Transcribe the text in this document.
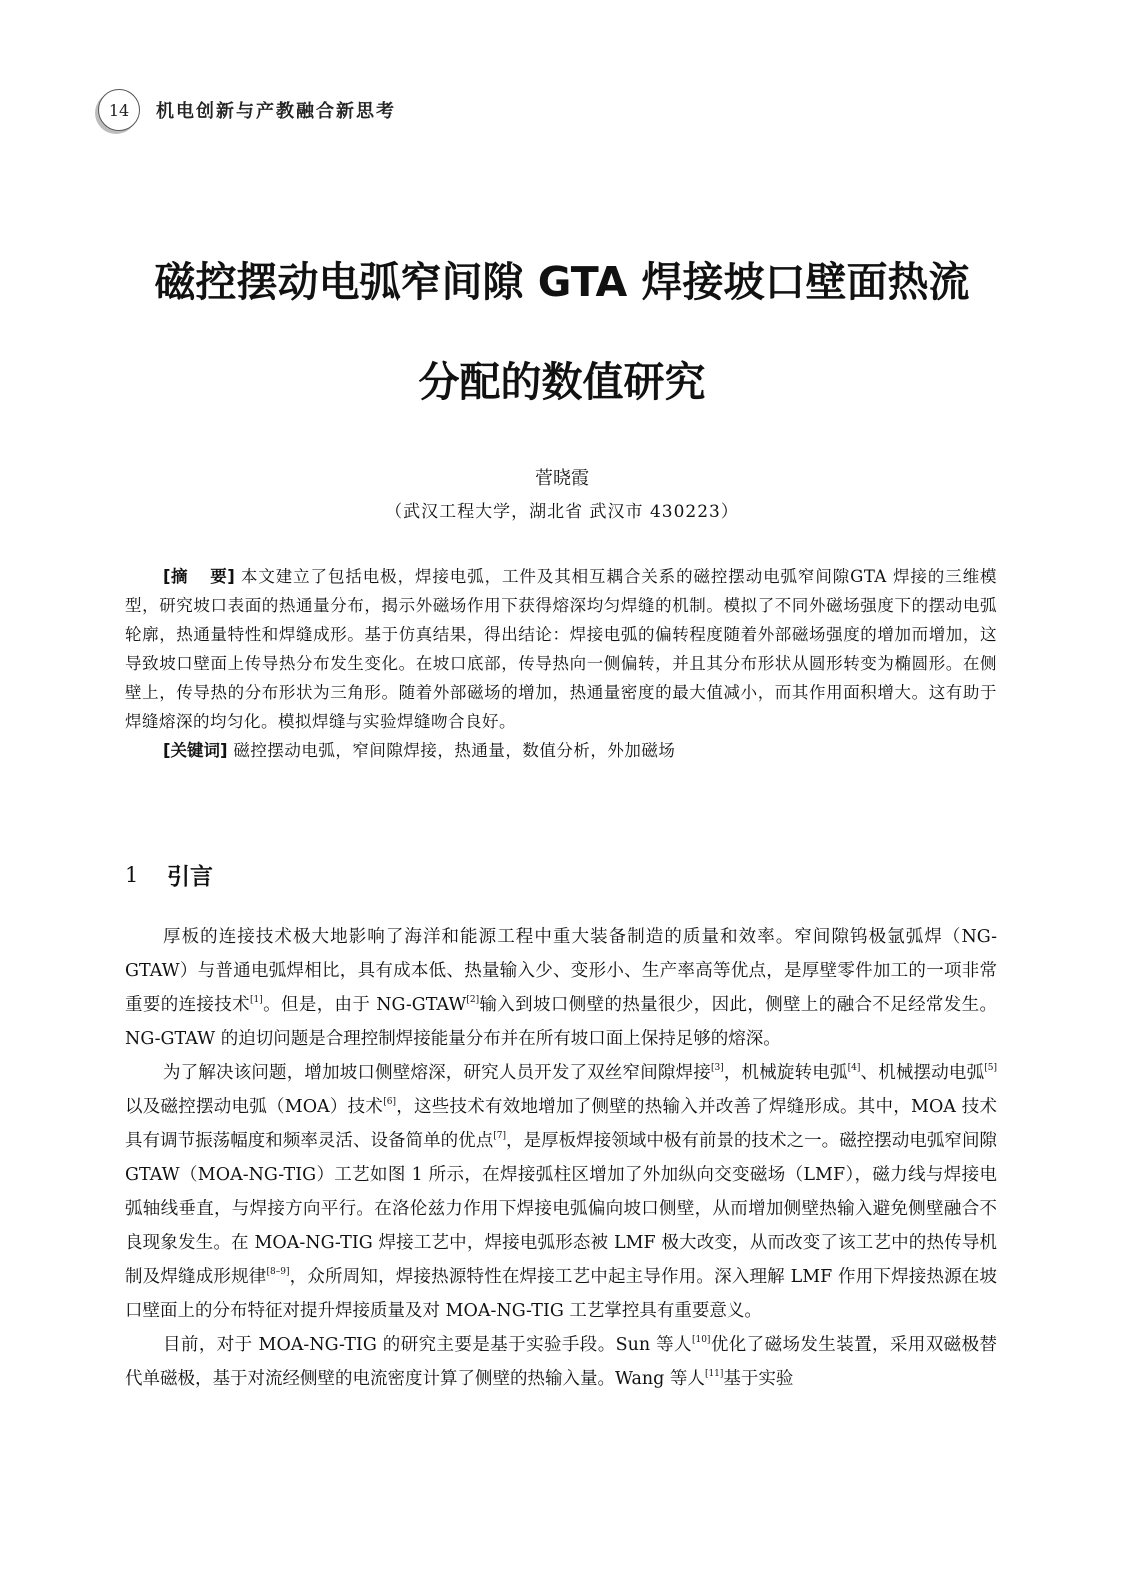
14	机电创新与产教融合新思考
磁控摆动电弧窄间隙 GTA 焊接坡口壁面热流
分配的数值研究
菅晓霞
（武汉工程大学，湖北省 武汉市 430223）

[摘 要] 本文建立了包括电极，焊接电弧，工件及其相互耦合关系的磁控摆动电弧窄间隙GTA 焊接的三维模型，研究坡口表面的热通量分布，揭示外磁场作用下获得熔深均匀焊缝的机制。模拟了不同外磁场强度下的摆动电弧轮廓，热通量特性和焊缝成形。基于仿真结果，得出结论：焊接电弧的偏转程度随着外部磁场强度的增加而增加，这导致坡口壁面上传导热分布发生变化。在坡口底部，传导热向一侧偏转，并且其分布形状从圆形转变为椭圆形。在侧壁上，传导热的分布形状为三角形。随着外部磁场的增加，热通量密度的最大值减小，而其作用面积增大。这有助于焊缝熔深的均匀化。模拟焊缝与实验焊缝吻合良好。

[关键词] 磁控摆动电弧，窄间隙焊接，热通量，数值分析，外加磁场

1	引言

厚板的连接技术极大地影响了海洋和能源工程中重大装备制造的质量和效率。窄间隙钨极氩弧焊（NG-GTAW）与普通电弧焊相比，具有成本低、热量输入少、变形小、生产率高等优点，是厚壁零件加工的一项非常重要的连接技术[1]。但是，由于 NG-GTAW[2]输入到坡口侧壁的热量很少，因此，侧壁上的融合不足经常发生。 NG-GTAW 的迫切问题是合理控制焊接能量分布并在所有坡口面上保持足够的熔深。

为了解决该问题，增加坡口侧壁熔深，研究人员开发了双丝窄间隙焊接[3]，机械旋转电弧[4]、机械摆动电弧[5]以及磁控摆动电弧（MOA）技术[6]，这些技术有效地增加了侧壁的热输入并改善了焊缝形成。其中，MOA 技术具有调节振荡幅度和频率灵活、设备简单的优点[7]，是厚板焊接领域中极有前景的技术之一。磁控摆动电弧窄间隙 GTAW（MOA-NG-TIG）工艺如图 1 所示，在焊接弧柱区增加了外加纵向交变磁场（LMF），磁力线与焊接电弧轴线垂直，与焊接方向平行。在洛伦兹力作用下焊接电弧偏向坡口侧壁，从而增加侧壁热输入避免侧壁融合不良现象发生。在 MOA-NG-TIG 焊接工艺中，焊接电弧形态被 LMF 极大改变，从而改变了该工艺中的热传导机制及焊缝成形规律[8–9]，众所周知，焊接热源特性在焊接工艺中起主导作用。深入理解 LMF 作用下焊接热源在坡口壁面上的分布特征对提升焊接质量及对 MOA-NG-TIG 工艺掌控具有重要意义。

目前，对于 MOA-NG-TIG 的研究主要是基于实验手段。Sun 等人[10]优化了磁场发生装置，采用双磁极替代单磁极，基于对流经侧壁的电流密度计算了侧壁的热输入量。Wang 等人[11]基于实验
